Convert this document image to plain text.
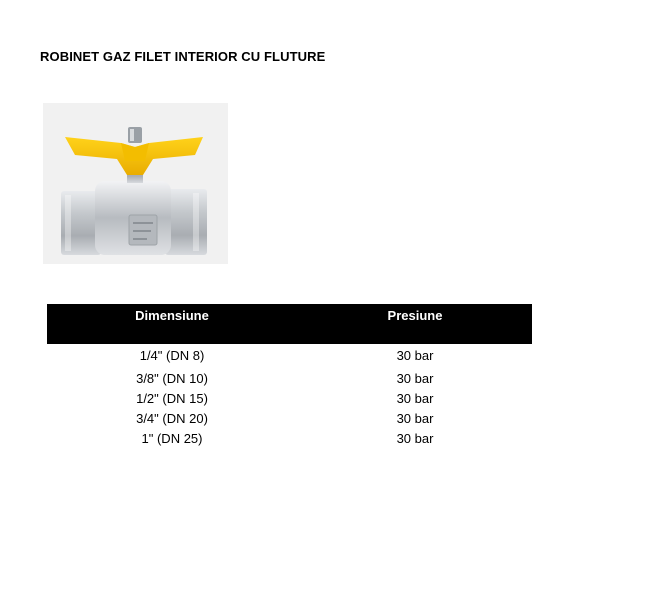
ROBINET GAZ FILET INTERIOR CU FLUTURE
Dimensiune	Presiune
1/4" (DN 8)	30 bar
3/8" (DN 10)	30 bar
1/2" (DN 15)	30 bar
3/4" (DN 20)	30 bar
1" (DN 25)	30 bar
